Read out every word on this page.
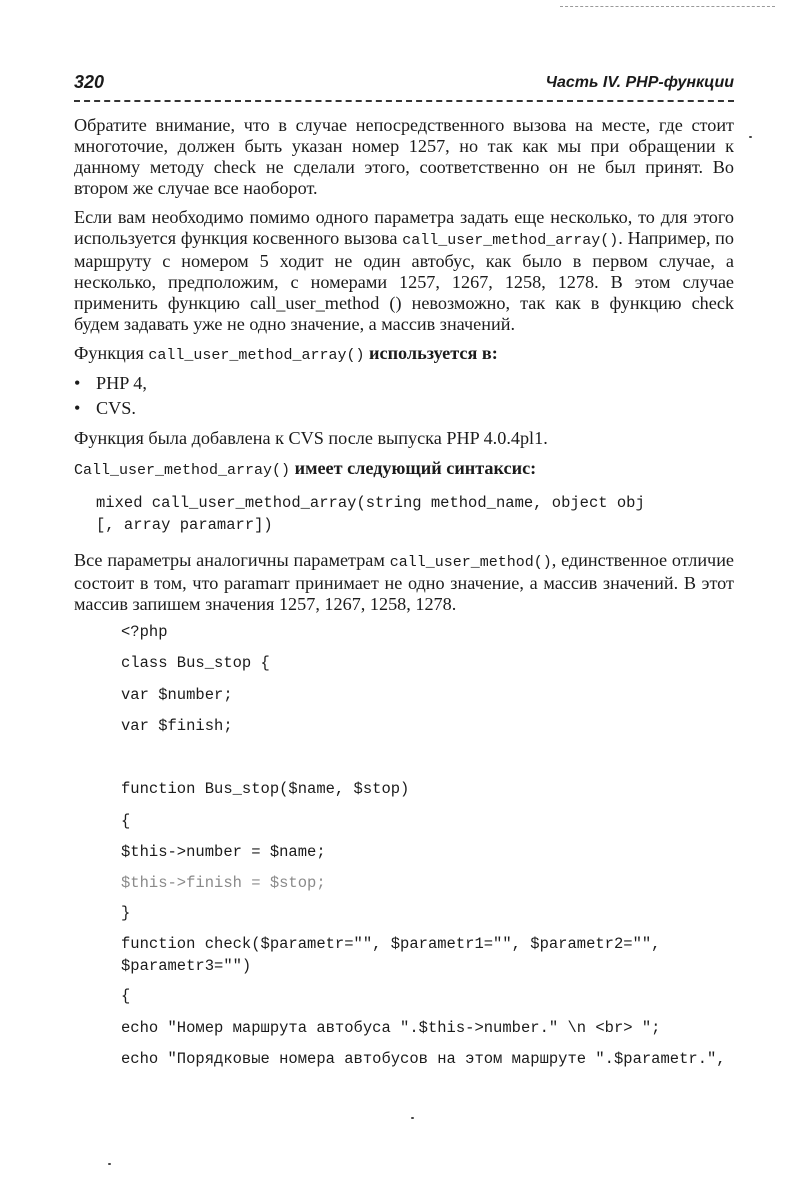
320	Часть IV. PHP-функции

Обратите внимание, что в случае непосредственного вызова на месте, где стоит многоточие, должен быть указан номер 1257, но так как мы при обращении к данному методу check не сделали этого, соответственно он не был принят. Во втором же случае все наоборот.

Если вам необходимо помимо одного параметра задать еще несколько, то для этого используется функция косвенного вызова call_user_method_array(). Например, по маршруту с номером 5 ходит не один автобус, как было в первом случае, а несколько, предположим, с номерами 1257, 1267, 1258, 1278. В этом случае применить функцию call_user_method () невозможно, так как в функцию check будем задавать уже не одно значение, а массив значений.

Функция call_user_method_array() используется в:

• PHP 4,
• CVS.

Функция была добавлена к CVS после выпуска PHP 4.0.4pl1.

Call_user_method_array() имеет следующий синтаксис:

mixed call_user_method_array(string method_name, object obj
[, array paramarr])

Все параметры аналогичны параметрам call_user_method(), единственное отличие состоит в том, что paramarr принимает не одно значение, а массив значений. В этот массив запишем значения 1257, 1267, 1258, 1278.

<?php
class Bus_stop {
var $number;
var $finish;
function Bus_stop($name, $stop)
{
$this->number = $name;
$this->finish = $stop;
}
function check($parametr="", $parametr1="", $parametr2="",
$parametr3="")
{
echo "Номер маршрута автобуса ".$this->number." \n <br> ";
echo "Порядковые номера автобусов на этом маршруте ".$parametr.",
